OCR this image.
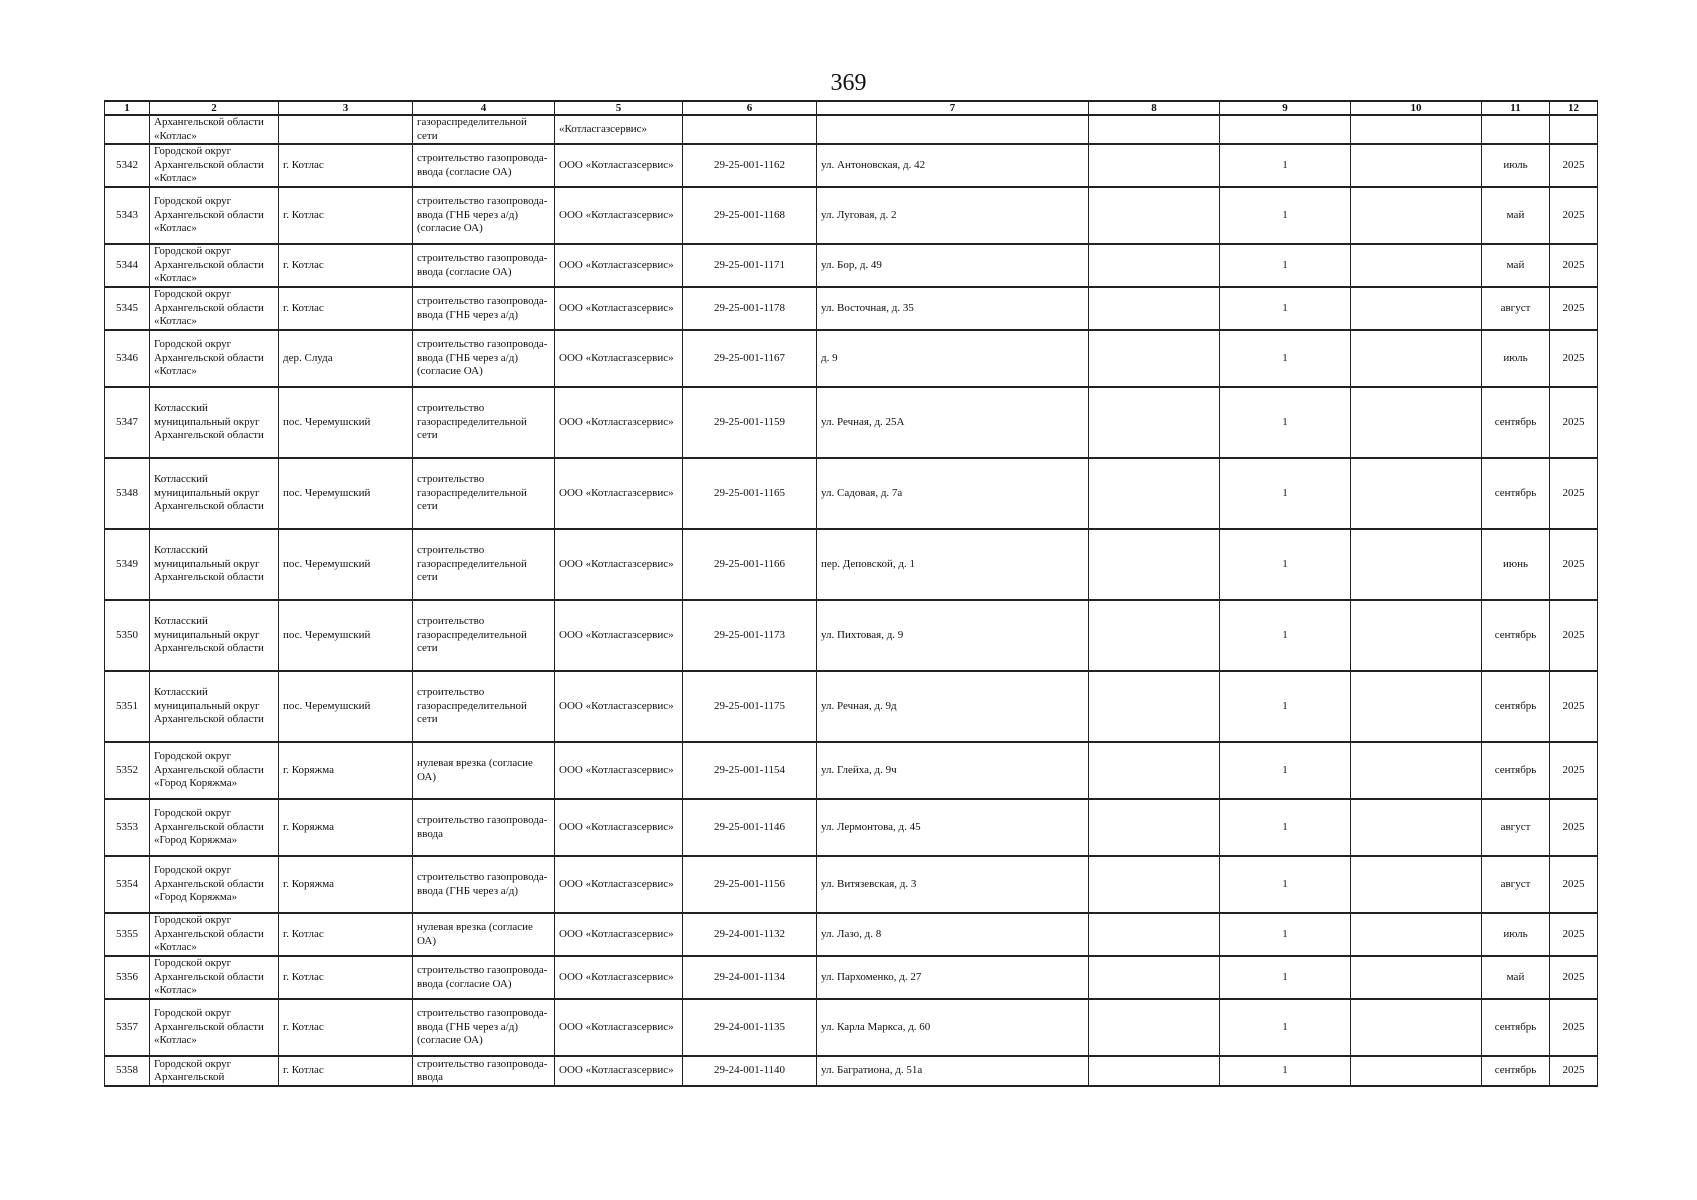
369
1	2	3	4	5	6	7	8	9	10	11	12
	Архангельской области «Котлас»		газораспределительной сети	«Котласгазсервис»							
5342	Городской округ Архангельской области «Котлас»	г. Котлас	строительство газопровода-ввода (согласие ОА)	ООО «Котласгазсервис»	29-25-001-1162	ул. Антоновская, д. 42		1		июль	2025
5343	Городской округ Архангельской области «Котлас»	г. Котлас	строительство газопровода-ввода (ГНБ через а/д) (согласие ОА)	ООО «Котласгазсервис»	29-25-001-1168	ул. Луговая, д. 2		1		май	2025
5344	Городской округ Архангельской области «Котлас»	г. Котлас	строительство газопровода-ввода (согласие ОА)	ООО «Котласгазсервис»	29-25-001-1171	ул. Бор, д. 49		1		май	2025
5345	Городской округ Архангельской области «Котлас»	г. Котлас	строительство газопровода-ввода (ГНБ через а/д)	ООО «Котласгазсервис»	29-25-001-1178	ул. Восточная, д. 35		1		август	2025
5346	Городской округ Архангельской области «Котлас»	дер. Слуда	строительство газопровода-ввода (ГНБ через а/д) (согласие ОА)	ООО «Котласгазсервис»	29-25-001-1167	д. 9		1		июль	2025
5347	Котласский муниципальный округ Архангельской области	пос. Черемушский	строительство газораспределительной сети	ООО «Котласгазсервис»	29-25-001-1159	ул. Речная, д. 25А		1		сентябрь	2025
5348	Котласский муниципальный округ Архангельской области	пос. Черемушский	строительство газораспределительной сети	ООО «Котласгазсервис»	29-25-001-1165	ул. Садовая, д. 7а		1		сентябрь	2025
5349	Котласский муниципальный округ Архангельской области	пос. Черемушский	строительство газораспределительной сети	ООО «Котласгазсервис»	29-25-001-1166	пер. Деповской, д. 1		1		июнь	2025
5350	Котласский муниципальный округ Архангельской области	пос. Черемушский	строительство газораспределительной сети	ООО «Котласгазсервис»	29-25-001-1173	ул. Пихтовая, д. 9		1		сентябрь	2025
5351	Котласский муниципальный округ Архангельской области	пос. Черемушский	строительство газораспределительной сети	ООО «Котласгазсервис»	29-25-001-1175	ул. Речная, д. 9д		1		сентябрь	2025
5352	Городской округ Архангельской области «Город Коряжма»	г. Коряжма	нулевая врезка (согласие ОА)	ООО «Котласгазсервис»	29-25-001-1154	ул. Глейха, д. 9ч		1		сентябрь	2025
5353	Городской округ Архангельской области «Город Коряжма»	г. Коряжма	строительство газопровода-ввода	ООО «Котласгазсервис»	29-25-001-1146	ул. Лермонтова, д. 45		1		август	2025
5354	Городской округ Архангельской области «Город Коряжма»	г. Коряжма	строительство газопровода-ввода (ГНБ через а/д)	ООО «Котласгазсервис»	29-25-001-1156	ул. Витязевская, д. 3		1		август	2025
5355	Городской округ Архангельской области «Котлас»	г. Котлас	нулевая врезка (согласие ОА)	ООО «Котласгазсервис»	29-24-001-1132	ул. Лазо, д. 8		1		июль	2025
5356	Городской округ Архангельской области «Котлас»	г. Котлас	строительство газопровода-ввода (согласие ОА)	ООО «Котласгазсервис»	29-24-001-1134	ул. Пархоменко, д. 27		1		май	2025
5357	Городской округ Архангельской области «Котлас»	г. Котлас	строительство газопровода-ввода (ГНБ через а/д) (согласие ОА)	ООО «Котласгазсервис»	29-24-001-1135	ул. Карла Маркса, д. 60		1		сентябрь	2025
5358	Городской округ Архангельской	г. Котлас	строительство газопровода-ввода	ООО «Котласгазсервис»	29-24-001-1140	ул. Багратиона, д. 51а		1		сентябрь	2025
